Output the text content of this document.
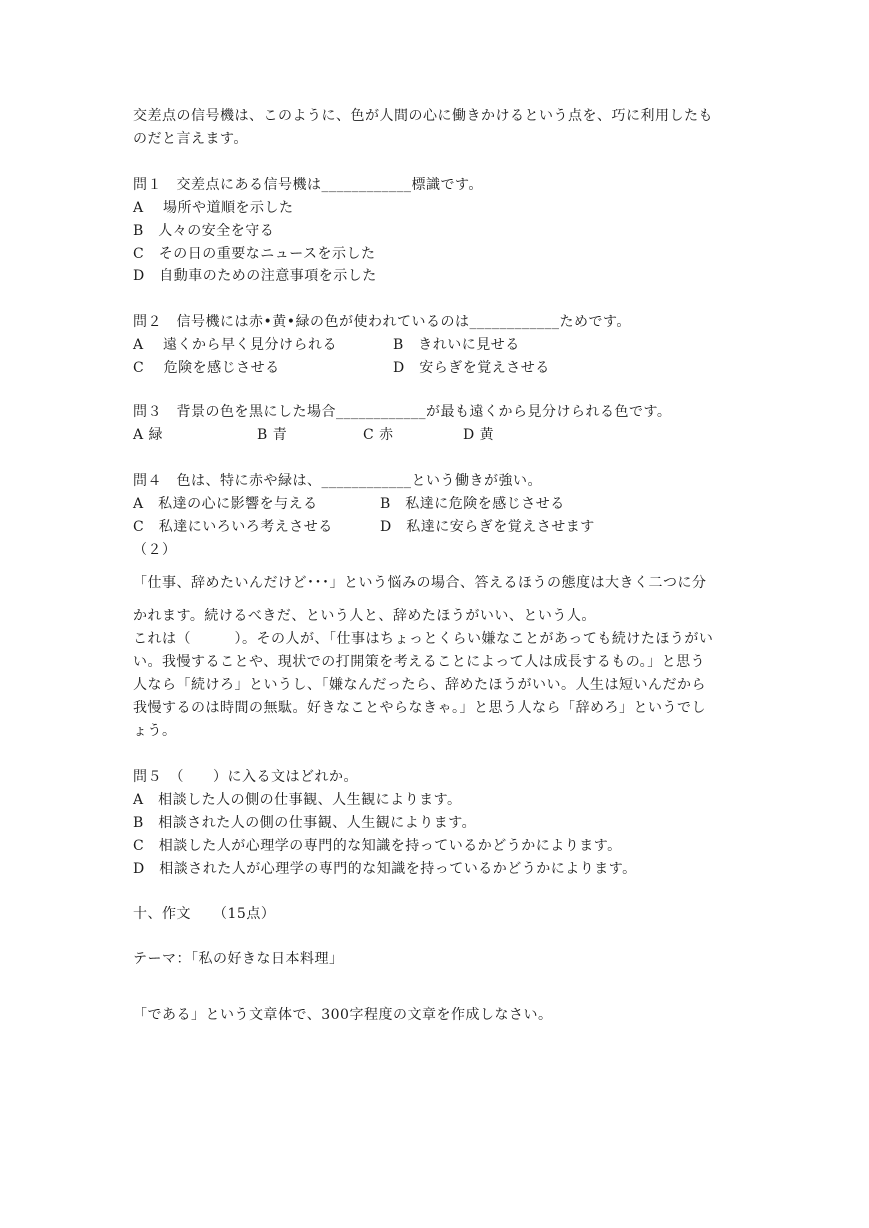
交差点の信号機は、このように、色が人間の心に働きかけるという点を、巧に利用したも
のだと言えます。
問１　交差点にある信号機は____________標識です。
A　 場所や道順を示した
B　人々の安全を守る
C　その日の重要なニュースを示した
D　自動車のための注意事項を示した
問２　信号機には赤•黄•緑の色が使われているのは____________ためです。
A　 遠くから早く見分けられる	B　きれいに見せる
C　 危険を感じさせる	D　安らぎを覚えさせる
問３　背景の色を黒にした場合____________が最も遠くから見分けられる色です。
A 緑	B 青	C 赤	D 黄
問４　色は、特に赤や緑は、____________という働きが強い。
A　私達の心に影響を与える	B　私達に危険を感じさせる
C　私達にいろいろ考えさせる	D　私達に安らぎを覚えさせます
（２）
「仕事、辞めたいんだけど･･･」という悩みの場合、答えるほうの態度は大きく二つに分
かれます。続けるべきだ、という人と、辞めたほうがいい、という人。
これは（　　　）。その人が、「仕事はちょっとくらい嫌なことがあっても続けたほうがい
い。我慢することや、現状での打開策を考えることによって人は成長するもの。」と思う
人なら「続けろ」というし、「嫌なんだったら、辞めたほうがいい。人生は短いんだから
我慢するのは時間の無駄。好きなことやらなきゃ。」と思う人なら「辞めろ」というでし
ょう。
問５　（　　）に入る文はどれか。
A　相談した人の側の仕事観、人生観によります。
B　相談された人の側の仕事観、人生観によります。
C　相談した人が心理学の専門的な知識を持っているかどうかによります。
D　相談された人が心理学の専門的な知識を持っているかどうかによります。
十、作文　　（15点）
テーマ：「私の好きな日本料理」
「である」という文章体で、300字程度の文章を作成しなさい。
